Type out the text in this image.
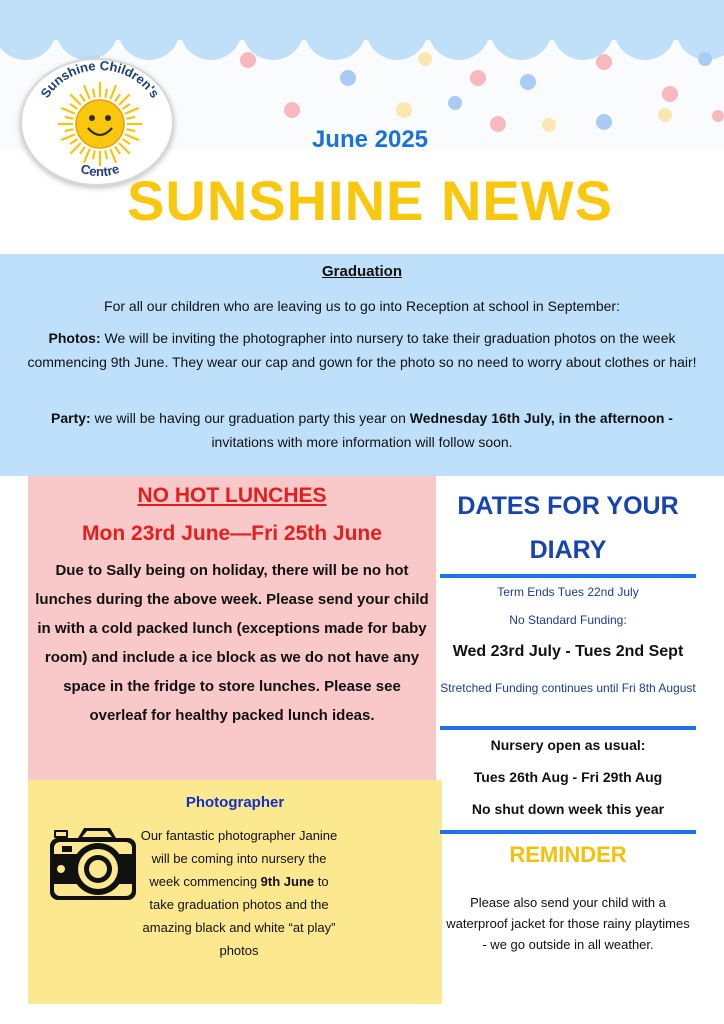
Sunshine Children's
Centre
June 2025
SUNSHINE NEWS
Graduation

For all our children who are leaving us to go into Reception at school in September:

Photos: We will be inviting the photographer into nursery to take their graduation photos on the week commencing 9th June. They wear our cap and gown for the photo so no need to worry about clothes or hair!

Party: we will be having our graduation party this year on Wednesday 16th July, in the afternoon - invitations with more information will follow soon.

NO HOT LUNCHES
Mon 23rd June—Fri 25th June

Due to Sally being on holiday, there will be no hot lunches during the above week. Please send your child in with a cold packed lunch (exceptions made for baby room) and include a ice block as we do not have any space in the fridge to store lunches. Please see overleaf for healthy packed lunch ideas.

Photographer

Our fantastic photographer Janine will be coming into nursery the week commencing 9th June to take graduation photos and the amazing black and white “at play” photos

DATES FOR YOUR DIARY
Term Ends Tues 22nd July
No Standard Funding:
Wed 23rd July - Tues 2nd Sept
Stretched Funding continues until Fri 8th August
Nursery open as usual:
Tues 26th Aug - Fri 29th Aug
No shut down week this year
REMINDER

Please also send your child with a waterproof jacket for those rainy playtimes - we go outside in all weather.
